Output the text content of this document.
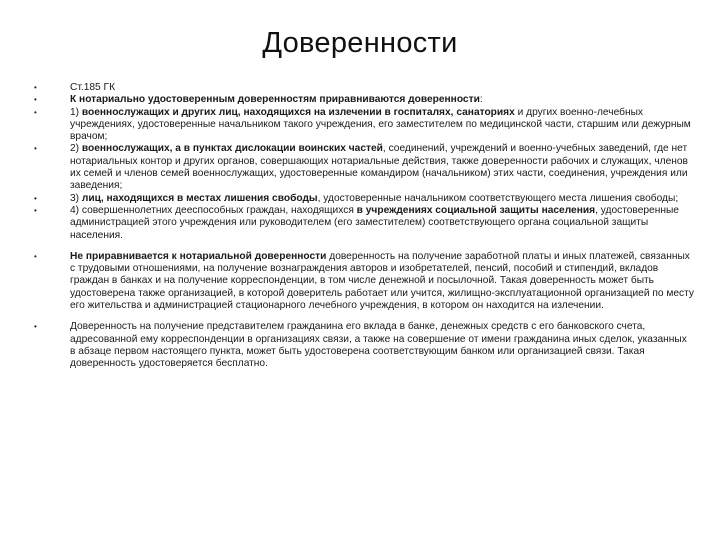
Доверенности
•	Ст.185 ГК
•	К нотариально удостоверенным доверенностям приравниваются доверенности:
•	1) военнослужащих и других лиц, находящихся на излечении в госпиталях, санаториях и других военно-лечебных учреждениях, удостоверенные начальником такого учреждения, его заместителем по медицинской части, старшим или дежурным врачом;
•	2) военнослужащих, а в пунктах дислокации воинских частей, соединений, учреждений и военно-учебных заведений, где нет нотариальных контор и других органов, совершающих нотариальные действия, также доверенности рабочих и служащих, членов их семей и членов семей военнослужащих, удостоверенные командиром (начальником) этих части, соединения, учреждения или заведения;
•	3) лиц, находящихся в местах лишения свободы, удостоверенные начальником соответствующего места лишения свободы;
•	4) совершеннолетних дееспособных граждан, находящихся в учреждениях социальной защиты населения, удостоверенные администрацией этого учреждения или руководителем (его заместителем) соответствующего органа социальной защиты населения.
•	Не приравнивается к нотариальной доверенности доверенность на получение заработной платы и иных платежей, связанных с трудовыми отношениями, на получение вознаграждения авторов и изобретателей, пенсий, пособий и стипендий, вкладов граждан в банках и на получение корреспонденции, в том числе денежной и посылочной. Такая доверенность может быть удостоверена также организацией, в которой доверитель работает или учится, жилищно-эксплуатационной организацией по месту его жительства и администрацией стационарного лечебного учреждения, в котором он находится на излечении.
•	Доверенность на получение представителем гражданина его вклада в банке, денежных средств с его банковского счета, адресованной ему корреспонденции в организациях связи, а также на совершение от имени гражданина иных сделок, указанных в абзаце первом настоящего пункта, может быть удостоверена соответствующим банком или организацией связи. Такая доверенность удостоверяется бесплатно.
